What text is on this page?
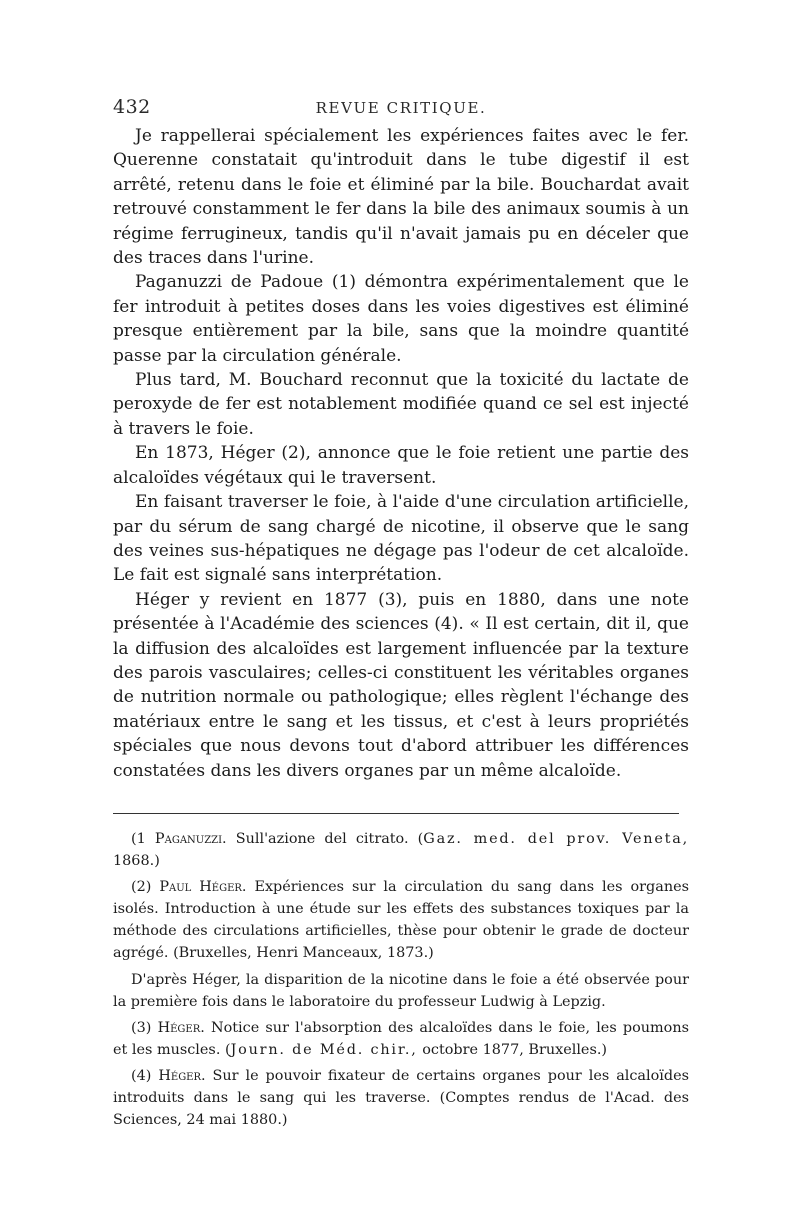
432	REVUE CRITIQUE.

Je rappellerai spécialement les expériences faites avec le fer. Querenne constatait qu'introduit dans le tube digestif il est arrêté, retenu dans le foie et éliminé par la bile. Bouchardat avait retrouvé constamment le fer dans la bile des animaux soumis à un régime ferrugineux, tandis qu'il n'avait jamais pu en déceler que des traces dans l'urine.

Paganuzzi de Padoue (1) démontra expérimentalement que le fer introduit à petites doses dans les voies digestives est éliminé presque entièrement par la bile, sans que la moindre quantité passe par la circulation générale.

Plus tard, M. Bouchard reconnut que la toxicité du lactate de peroxyde de fer est notablement modifiée quand ce sel est injecté à travers le foie.

En 1873, Héger (2), annonce que le foie retient une partie des alcaloïdes végétaux qui le traversent.

En faisant traverser le foie, à l'aide d'une circulation artificielle, par du sérum de sang chargé de nicotine, il observe que le sang des veines sus-hépatiques ne dégage pas l'odeur de cet alcaloïde. Le fait est signalé sans interprétation.

Héger y revient en 1877 (3), puis en 1880, dans une note présentée à l'Académie des sciences (4). « Il est certain, dit il, que la diffusion des alcaloïdes est largement influencée par la texture des parois vasculaires; celles-ci constituent les véritables organes de nutrition normale ou pathologique; elles règlent l'échange des matériaux entre le sang et les tissus, et c'est à leurs propriétés spéciales que nous devons tout d'abord attribuer les différences constatées dans les divers organes par un même alcaloïde.

(1 Paganuzzi. Sull'azione del citrato. (Gaz. med. del prov. Veneta, 1868.)

(2) Paul Héger. Expériences sur la circulation du sang dans les organes isolés. Introduction à une étude sur les effets des substances toxiques par la méthode des circulations artificielles, thèse pour obtenir le grade de docteur agrégé. (Bruxelles, Henri Manceaux, 1873.)

D'après Héger, la disparition de la nicotine dans le foie a été observée pour la première fois dans le laboratoire du professeur Ludwig à Lepzig.

(3) Héger. Notice sur l'absorption des alcaloïdes dans le foie, les poumons et les muscles. (Journ. de Méd. chir., octobre 1877, Bruxelles.)

(4) Héger. Sur le pouvoir fixateur de certains organes pour les alcaloïdes introduits dans le sang qui les traverse. (Comptes rendus de l'Acad. des Sciences, 24 mai 1880.)
